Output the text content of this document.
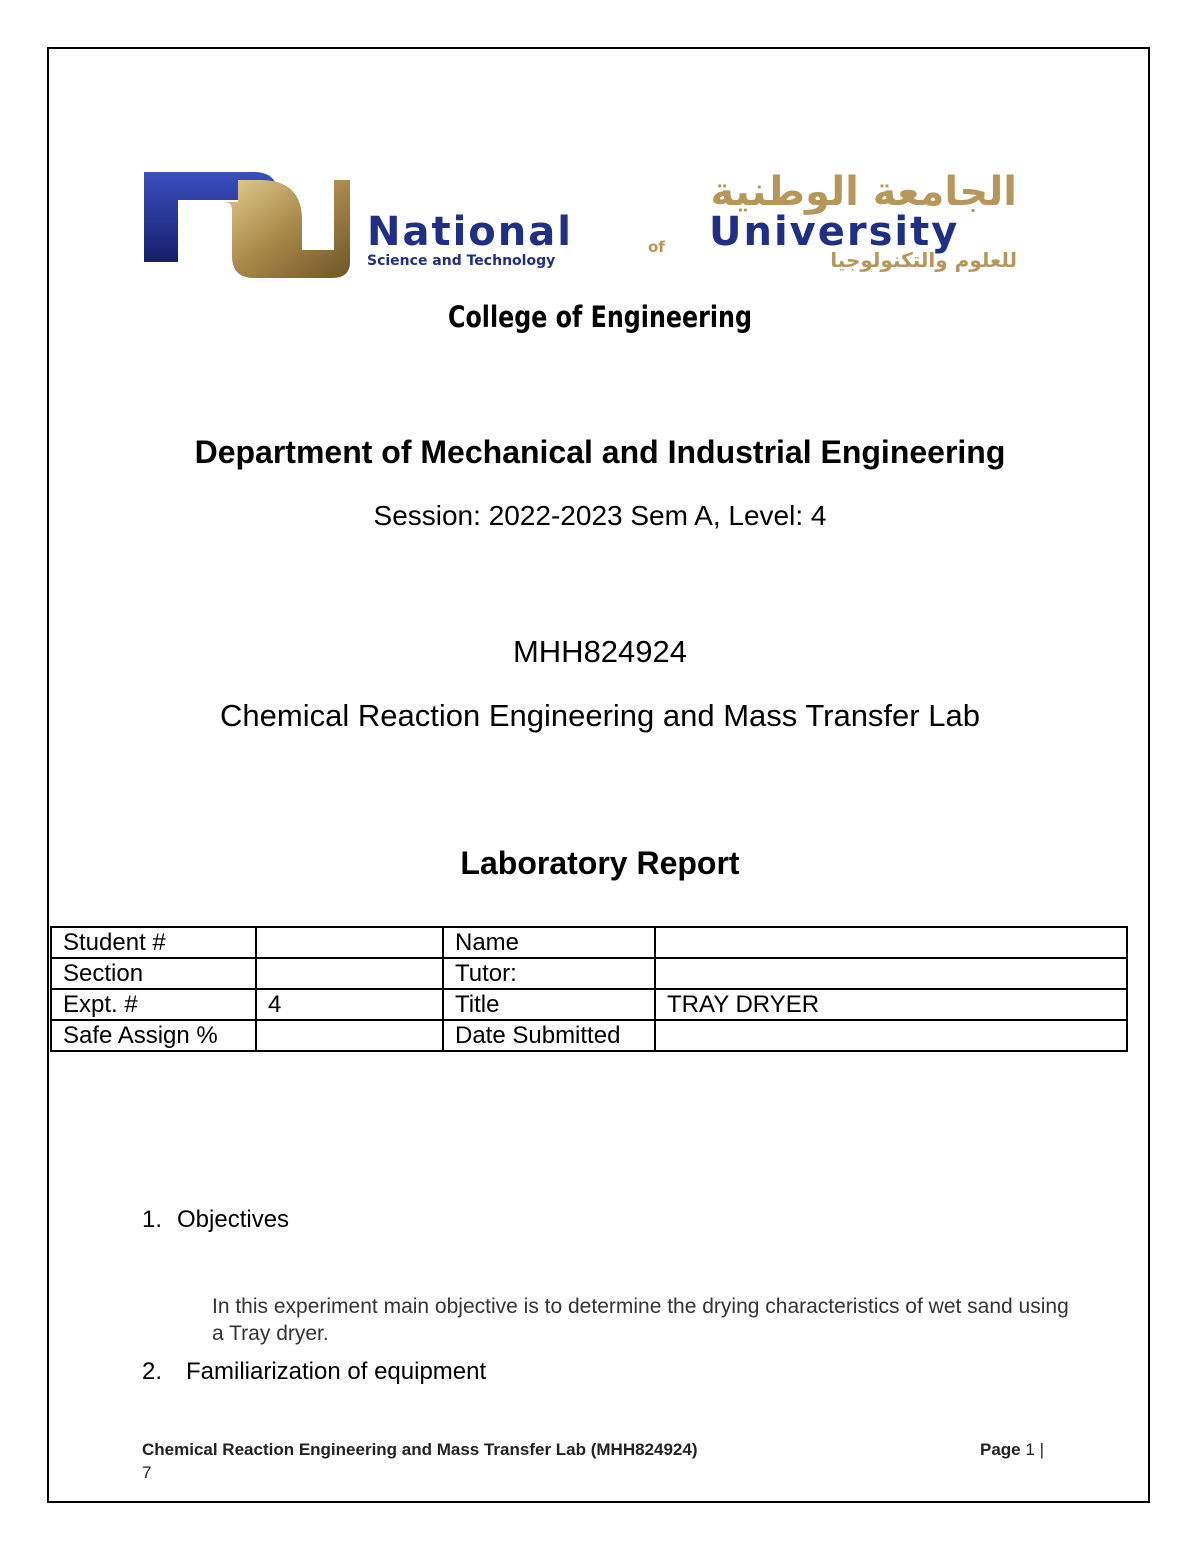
الجامعة الوطنية
National	University
of
Science and Technology	للعلوم والتكنولوجيا
College of Engineering
Department of Mechanical and Industrial Engineering
Session: 2022-2023 Sem A, Level: 4
MHH824924
Chemical Reaction Engineering and Mass Transfer Lab
Laboratory Report
Student #		Name	
Section		Tutor:	
Expt. #	4	Title	TRAY DRYER
Safe Assign %		Date Submitted	
1. Objectives
In this experiment main objective is to determine the drying characteristics of wet sand using a Tray dryer.
2. Familiarization of equipment
Chemical Reaction Engineering and Mass Transfer Lab (MHH824924)
7
Page 1 |
